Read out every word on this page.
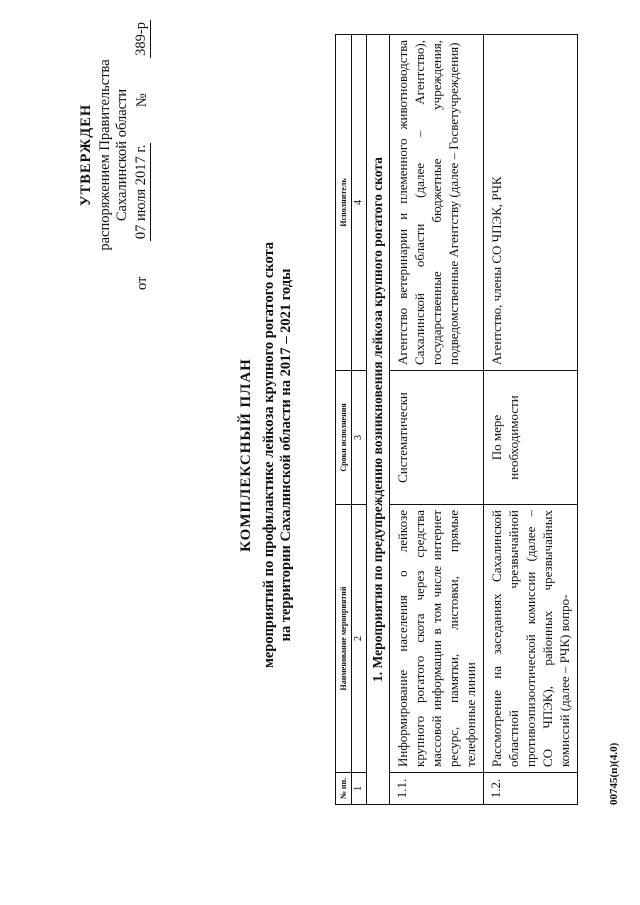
УТВЕРЖДЕН распоряжением Правительства Сахалинской области
от
07 июля 2017 г.
№
389-р
КОМПЛЕКСНЫЙ ПЛАН мероприятий по профилактике лейкоза крупного рогатого скота на территории Сахалинской области на 2017 – 2021 годы
№ пп.	Наименование мероприятий	Сроки исполнения	Исполнитель
1	2	3	4
1. Мероприятия по предупреждению возникновения лейкоза крупного рогатого скота			
1.1.	Информирование населения о лейкозе крупного рогатого скота через средства массовой информации в том числе интернет ресурс, памятки, листовки, прямые телефонные линии	Систематически	Агентство ветеринарии и племенного животноводства Сахалинской области (далее – Агентство), государственные бюджетные учреждения, подведомственные Агентству (далее – Госветучреждения)
1.2.	Рассмотрение на заседаниях Сахалинской областной чрезвычайной противоэпизоотической комиссии (далее – СО ЧПЭК), районных чрезвычайных комиссий (далее – РЧК) вопро-	По мере необходимости	Агентство, члены СО ЧПЭК, РЧК
00745(п)(4.0)
